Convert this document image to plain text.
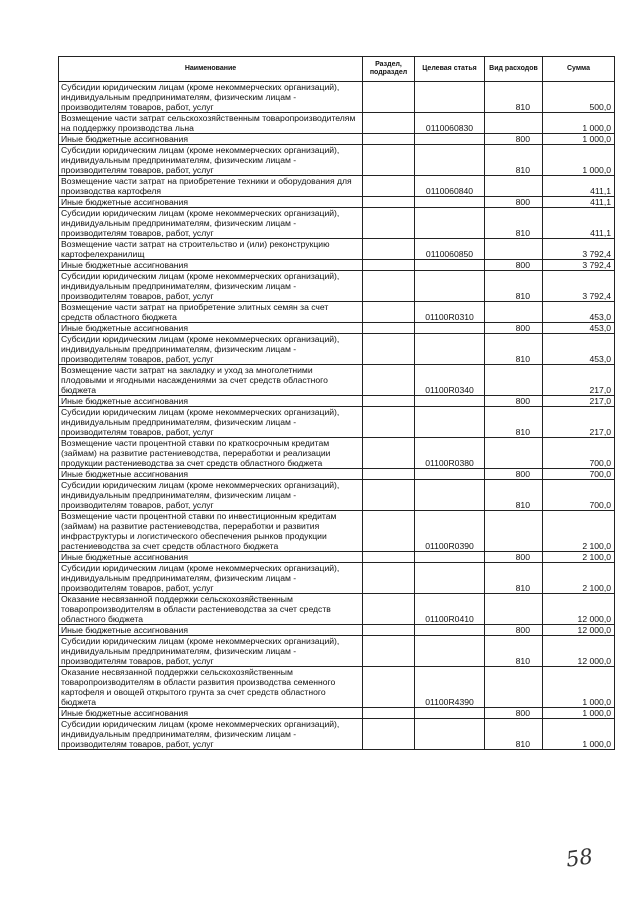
Наименование	Раздел, подраздел	Целевая статья	Вид расходов	Сумма
Субсидии юридическим лицам (кроме некоммерческих организаций), индивидуальным предпринимателям, физическим лицам - производителям товаров, работ, услуг			810	500,0
Возмещение части затрат сельскохозяйственным товаропроизводителям на поддержку производства льна		0110060830		1 000,0
Иные бюджетные ассигнования			800	1 000,0
Субсидии юридическим лицам (кроме некоммерческих организаций), индивидуальным предпринимателям, физическим лицам - производителям товаров, работ, услуг			810	1 000,0
Возмещение части затрат на приобретение техники и оборудования для производства картофеля		0110060840		411,1
Иные бюджетные ассигнования			800	411,1
Субсидии юридическим лицам (кроме некоммерческих организаций), индивидуальным предпринимателям, физическим лицам - производителям товаров, работ, услуг			810	411,1
Возмещение части затрат на строительство и (или) реконструкцию картофелехранилищ		0110060850		3 792,4
Иные бюджетные ассигнования			800	3 792,4
Субсидии юридическим лицам (кроме некоммерческих организаций), индивидуальным предпринимателям, физическим лицам - производителям товаров, работ, услуг			810	3 792,4
Возмещение части затрат на приобретение элитных семян за счет средств областного бюджета		01100R0310		453,0
Иные бюджетные ассигнования			800	453,0
Субсидии юридическим лицам (кроме некоммерческих организаций), индивидуальным предпринимателям, физическим лицам - производителям товаров, работ, услуг			810	453,0
Возмещение части затрат на закладку и уход за многолетними плодовыми и ягодными насаждениями за счет средств областного бюджета		01100R0340		217,0
Иные бюджетные ассигнования			800	217,0
Субсидии юридическим лицам (кроме некоммерческих организаций), индивидуальным предпринимателям, физическим лицам - производителям товаров, работ, услуг			810	217,0
Возмещение части процентной ставки по краткосрочным кредитам (займам) на развитие растениеводства, переработки и реализации продукции растениеводства за счет средств областного бюджета		01100R0380		700,0
Иные бюджетные ассигнования			800	700,0
Субсидии юридическим лицам (кроме некоммерческих организаций), индивидуальным предпринимателям, физическим лицам - производителям товаров, работ, услуг			810	700,0
Возмещение части процентной ставки по инвестиционным кредитам (займам) на развитие растениеводства, переработки и развития инфраструктуры и логистического обеспечения рынков продукции растениеводства за счет средств областного бюджета		01100R0390		2 100,0
Иные бюджетные ассигнования			800	2 100,0
Субсидии юридическим лицам (кроме некоммерческих организаций), индивидуальным предпринимателям, физическим лицам - производителям товаров, работ, услуг			810	2 100,0
Оказание несвязанной поддержки сельскохозяйственным товаропроизводителям в области растениеводства за счет средств областного бюджета		01100R0410		12 000,0
Иные бюджетные ассигнования			800	12 000,0
Субсидии юридическим лицам (кроме некоммерческих организаций), индивидуальным предпринимателям, физическим лицам - производителям товаров, работ, услуг			810	12 000,0
Оказание несвязанной поддержки сельскохозяйственным товаропроизводителям в области развития производства семенного картофеля и овощей открытого грунта за счет средств областного бюджета		01100R4390		1 000,0
Иные бюджетные ассигнования			800	1 000,0
Субсидии юридическим лицам (кроме некоммерческих организаций), индивидуальным предпринимателям, физическим лицам - производителям товаров, работ, услуг			810	1 000,0
58
